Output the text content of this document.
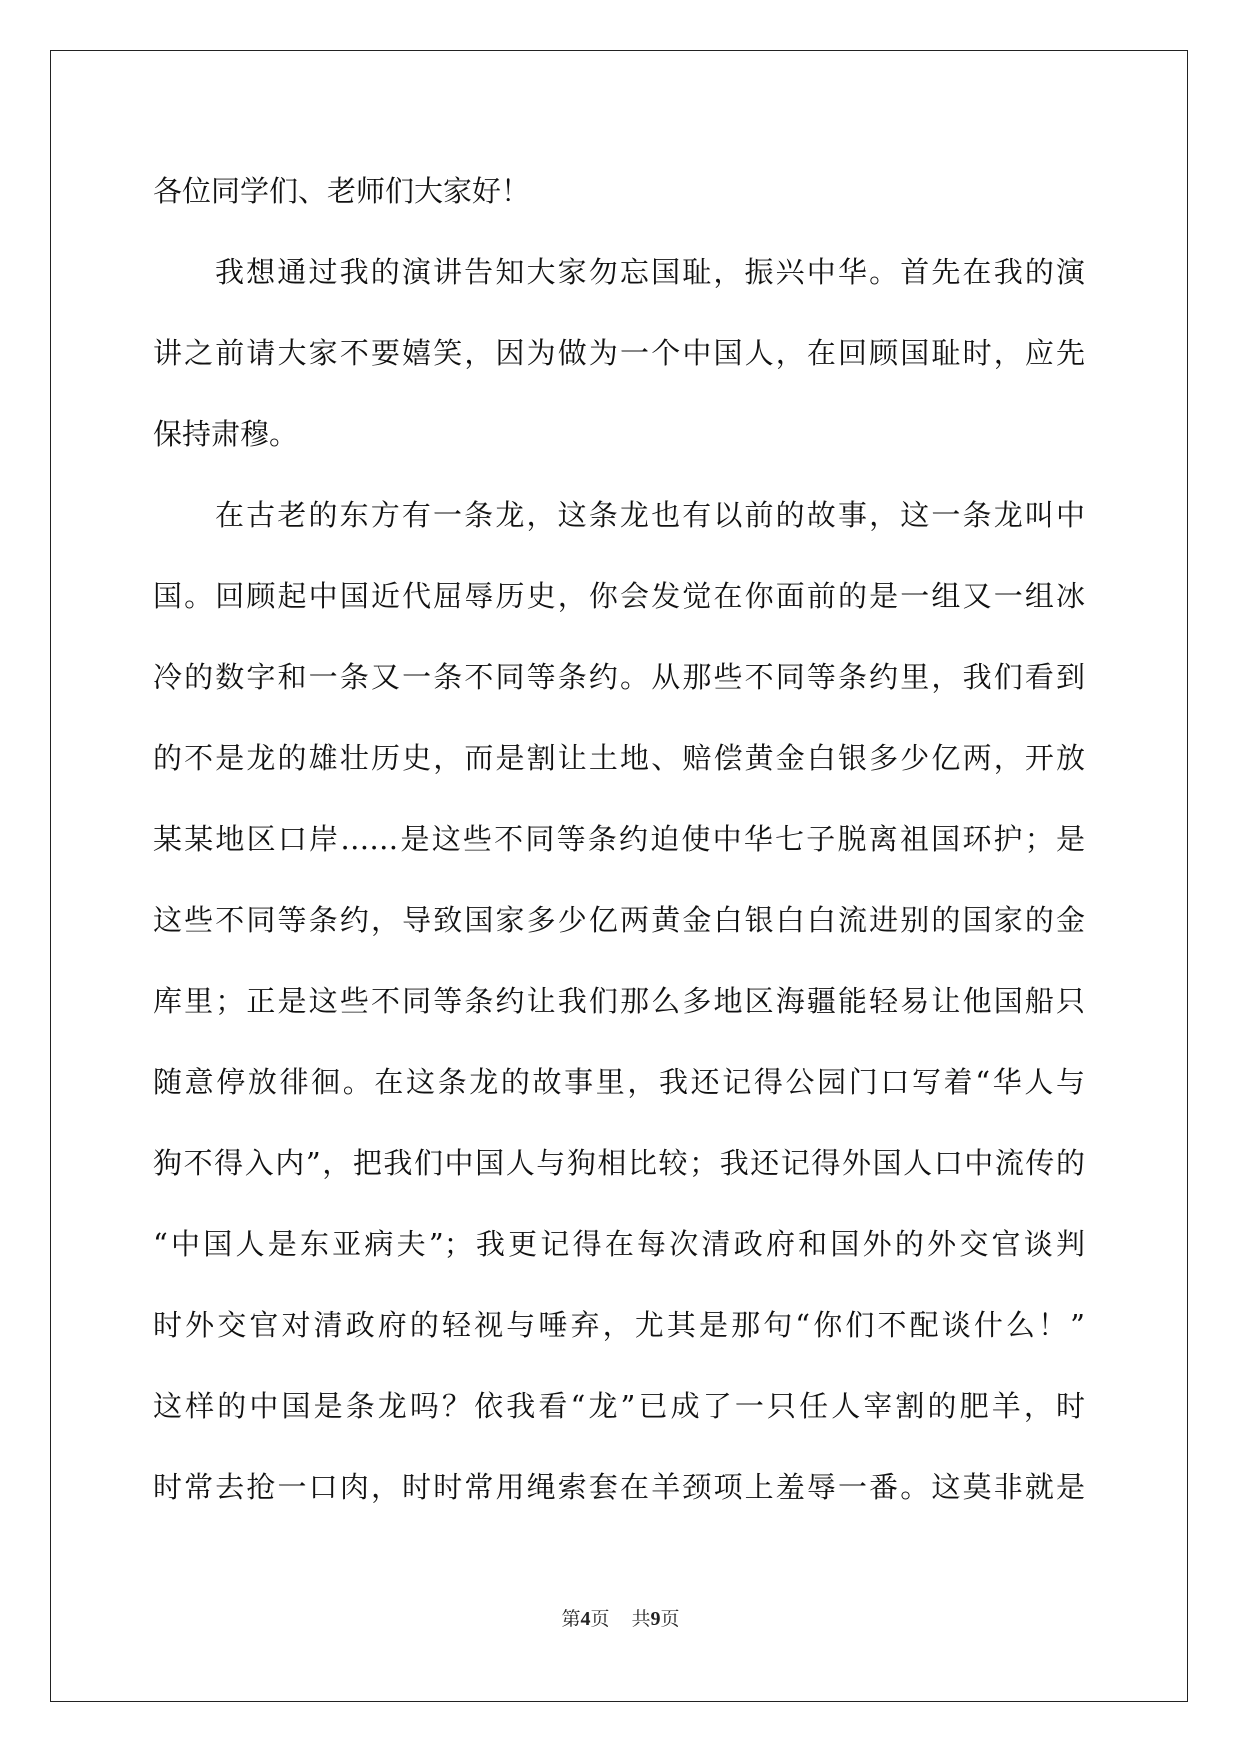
各位同学们、老师们大家好！
我想通过我的演讲告知大家勿忘国耻，振兴中华。首先在我的演
讲之前请大家不要嬉笑，因为做为一个中国人，在回顾国耻时，应先
保持肃穆。
在古老的东方有一条龙，这条龙也有以前的故事，这一条龙叫中
国。回顾起中国近代屈辱历史，你会发觉在你面前的是一组又一组冰
冷的数字和一条又一条不同等条约。从那些不同等条约里，我们看到
的不是龙的雄壮历史，而是割让土地、赔偿黄金白银多少亿两，开放
某某地区口岸……是这些不同等条约迫使中华七子脱离祖国环护；是
这些不同等条约，导致国家多少亿两黄金白银白白流进别的国家的金
库里；正是这些不同等条约让我们那么多地区海疆能轻易让他国船只
随意停放徘徊。在这条龙的故事里，我还记得公园门口写着“华人与
狗不得入内”，把我们中国人与狗相比较；我还记得外国人口中流传的
“中国人是东亚病夫”；我更记得在每次清政府和国外的外交官谈判
时外交官对清政府的轻视与唾弃，尤其是那句“你们不配谈什么！”
这样的中国是条龙吗？依我看“龙”已成了一只任人宰割的肥羊，时
时常去抢一口肉，时时常用绳索套在羊颈项上羞辱一番。这莫非就是
第4页 共9页
